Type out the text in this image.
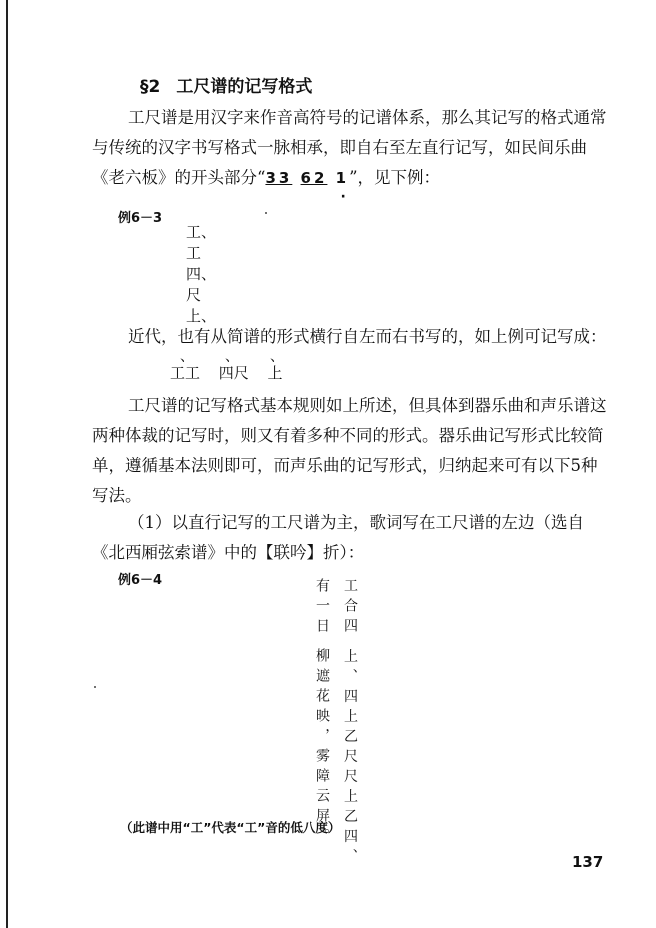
§2 工尺谱的记写格式
工尺谱是用汉字来作音高符号的记谱体系，那么其记写的格式通常与传统的汉字书写格式一脉相承，即自右至左直行记写，如民间乐曲《老六板》的开头部分“33 62 · 1”，见下例：
例6－3
工、
工
四、
尺
上、
近代，也有从简谱的形式横行自左而右书写的，如上例可记写成：
、、、
工工 四尺 上
工尺谱的记写格式基本规则如上所述，但具体到器乐曲和声乐谱这两种体裁的记写时，则又有着多种不同的形式。器乐曲记写形式比较简单，遵循基本法则即可，而声乐曲的记写形式，归纳起来可有以下5种写法。
（1）以直行记写的工尺谱为主，歌词写在工尺谱的左边（选自《北西厢弦索谱》中的【联吟】折）：
例6－4	工合四 上、四上乙尺尺上乙四、
有一日
柳遮花映，雾障云屏。
（此谱中用“工”代表“工”音的低八度）
137
